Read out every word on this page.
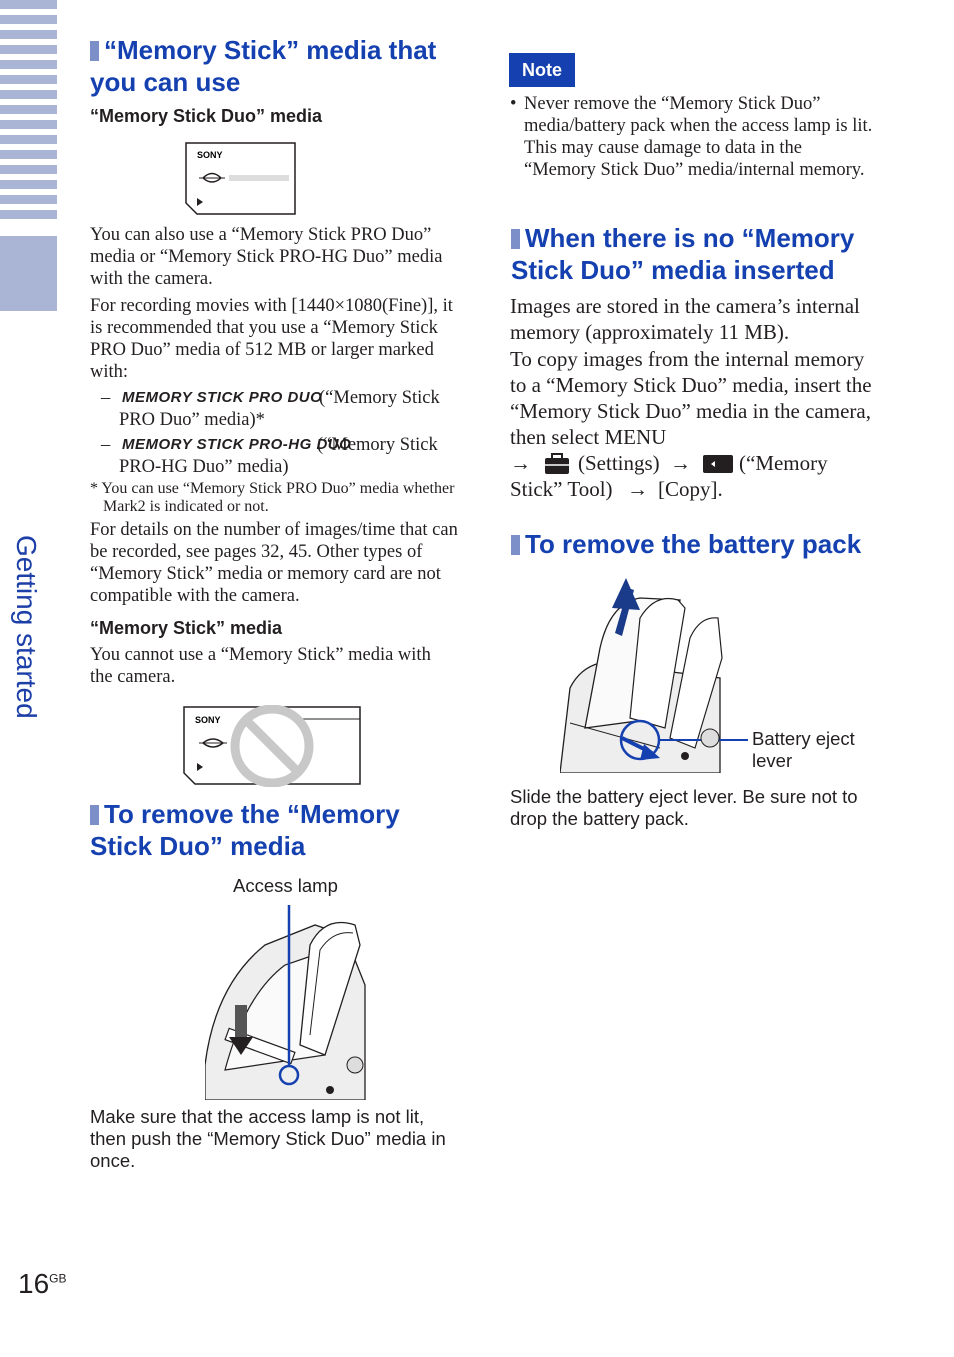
Getting started
“Memory Stick” media that you can use
“Memory Stick Duo” media
SONY
You can also use a “Memory Stick PRO Duo” media or “Memory Stick PRO-HG Duo” media with the camera.
For recording movies with [1440×1080(Fine)], it is recommended that you use a “Memory Stick PRO Duo” media of 512 MB or larger marked with:
– MEMORY STICK PRO DUO
(“Memory Stick PRO Duo” media)*
– MEMORY STICK PRO-HG DUO
(“Memory Stick PRO-HG Duo” media)
* You can use “Memory Stick PRO Duo” media whether Mark2 is indicated or not.
For details on the number of images/time that can be recorded, see pages 32, 45. Other types of “Memory Stick” media or memory card are not compatible with the camera.
“Memory Stick” media
You cannot use a “Memory Stick” media with the camera.
SONY
To remove the “Memory Stick Duo” media
Access lamp
Make sure that the access lamp is not lit, then push the “Memory Stick Duo” media in once.
Note
• Never remove the “Memory Stick Duo” media/battery pack when the access lamp is lit. This may cause damage to data in the “Memory Stick Duo” media/internal memory.
When there is no “Memory Stick Duo” media inserted
Images are stored in the camera’s internal memory (approximately 11 MB).
To copy images from the internal memory to a “Memory Stick Duo” media, insert the “Memory Stick Duo” media in the camera, then select MENU
→ (Settings) → (“Memory
Stick” Tool) → [Copy].
To remove the battery pack
Battery eject lever
Slide the battery eject lever. Be sure not to drop the battery pack.
$16^{GB}$
